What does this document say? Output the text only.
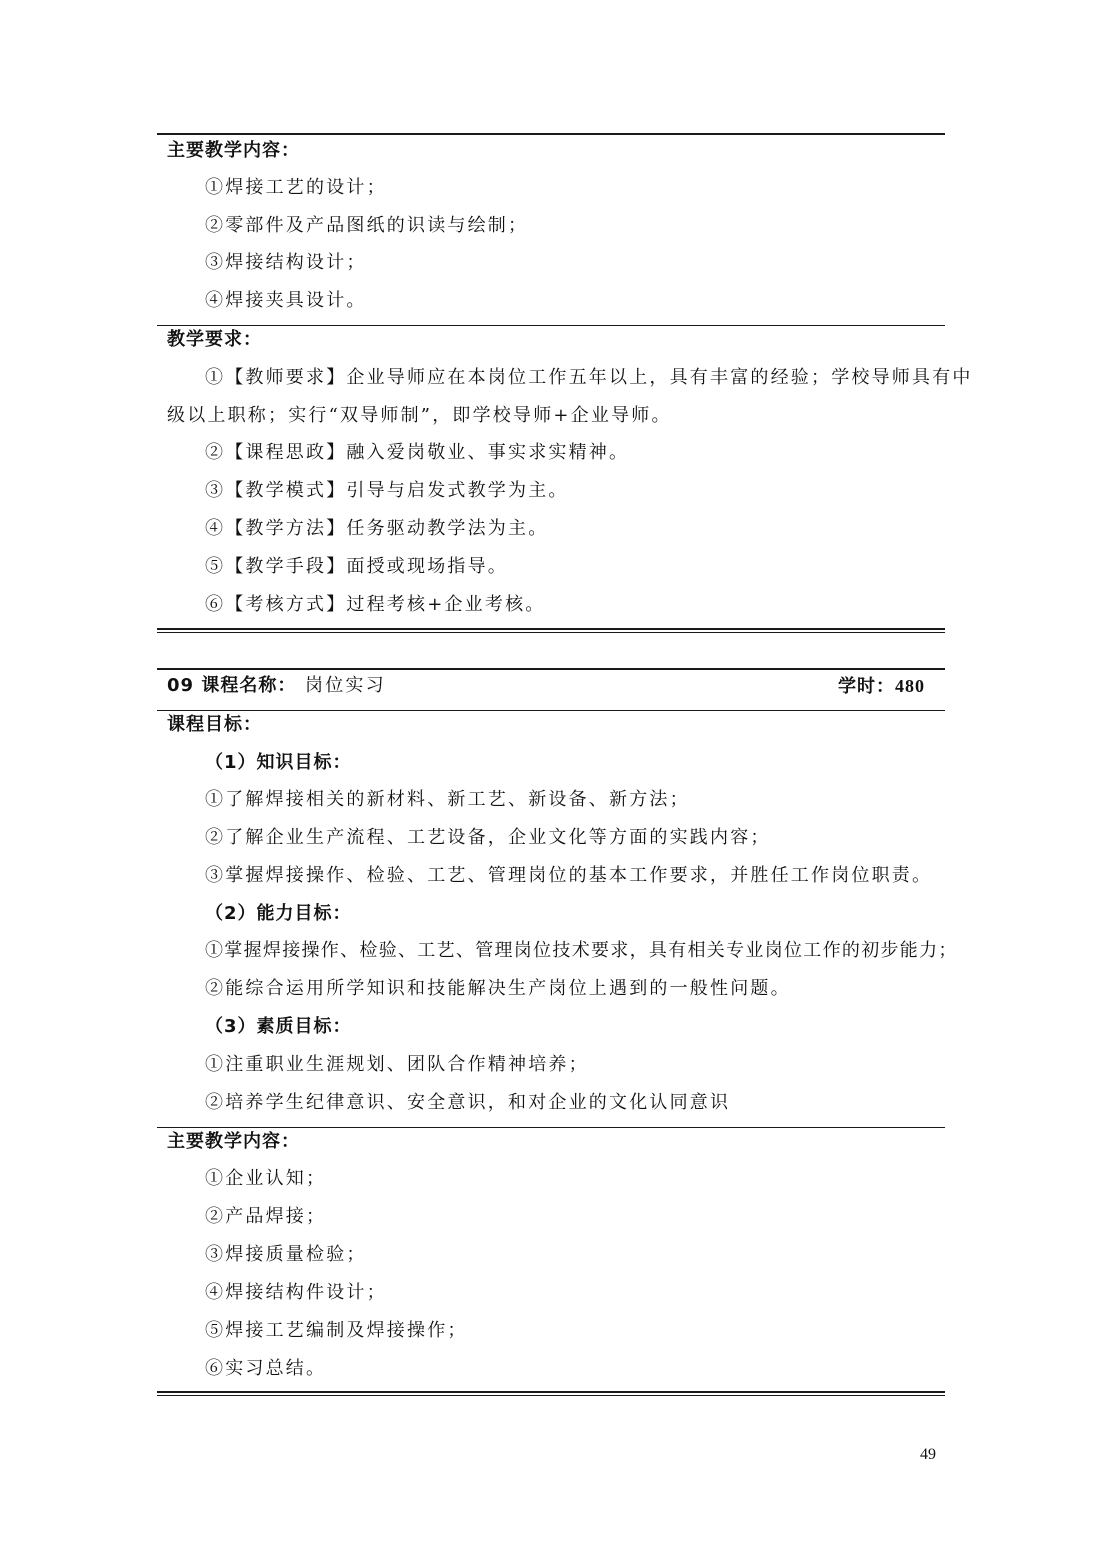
主要教学内容：
①焊接工艺的设计；
②零部件及产品图纸的识读与绘制；
③焊接结构设计；
④焊接夹具设计。
教学要求：
①【教师要求】企业导师应在本岗位工作五年以上，具有丰富的经验；学校导师具有中
级以上职称；实行“双导师制”，即学校导师+企业导师。
②【课程思政】融入爱岗敬业、事实求实精神。
③【教学模式】引导与启发式教学为主。
④【教学方法】任务驱动教学法为主。
⑤【教学手段】面授或现场指导。
⑥【考核方式】过程考核+企业考核。
09 课程名称： 岗位实习	学时：480
课程目标：
（1）知识目标：
①了解焊接相关的新材料、新工艺、新设备、新方法；
②了解企业生产流程、工艺设备，企业文化等方面的实践内容；
③掌握焊接操作、检验、工艺、管理岗位的基本工作要求，并胜任工作岗位职责。
（2）能力目标：
①掌握焊接操作、检验、工艺、管理岗位技术要求，具有相关专业岗位工作的初步能力；
②能综合运用所学知识和技能解决生产岗位上遇到的一般性问题。
（3）素质目标：
①注重职业生涯规划、团队合作精神培养；
②培养学生纪律意识、安全意识，和对企业的文化认同意识
主要教学内容：
①企业认知；
②产品焊接；
③焊接质量检验；
④焊接结构件设计；
⑤焊接工艺编制及焊接操作；
⑥实习总结。
49
